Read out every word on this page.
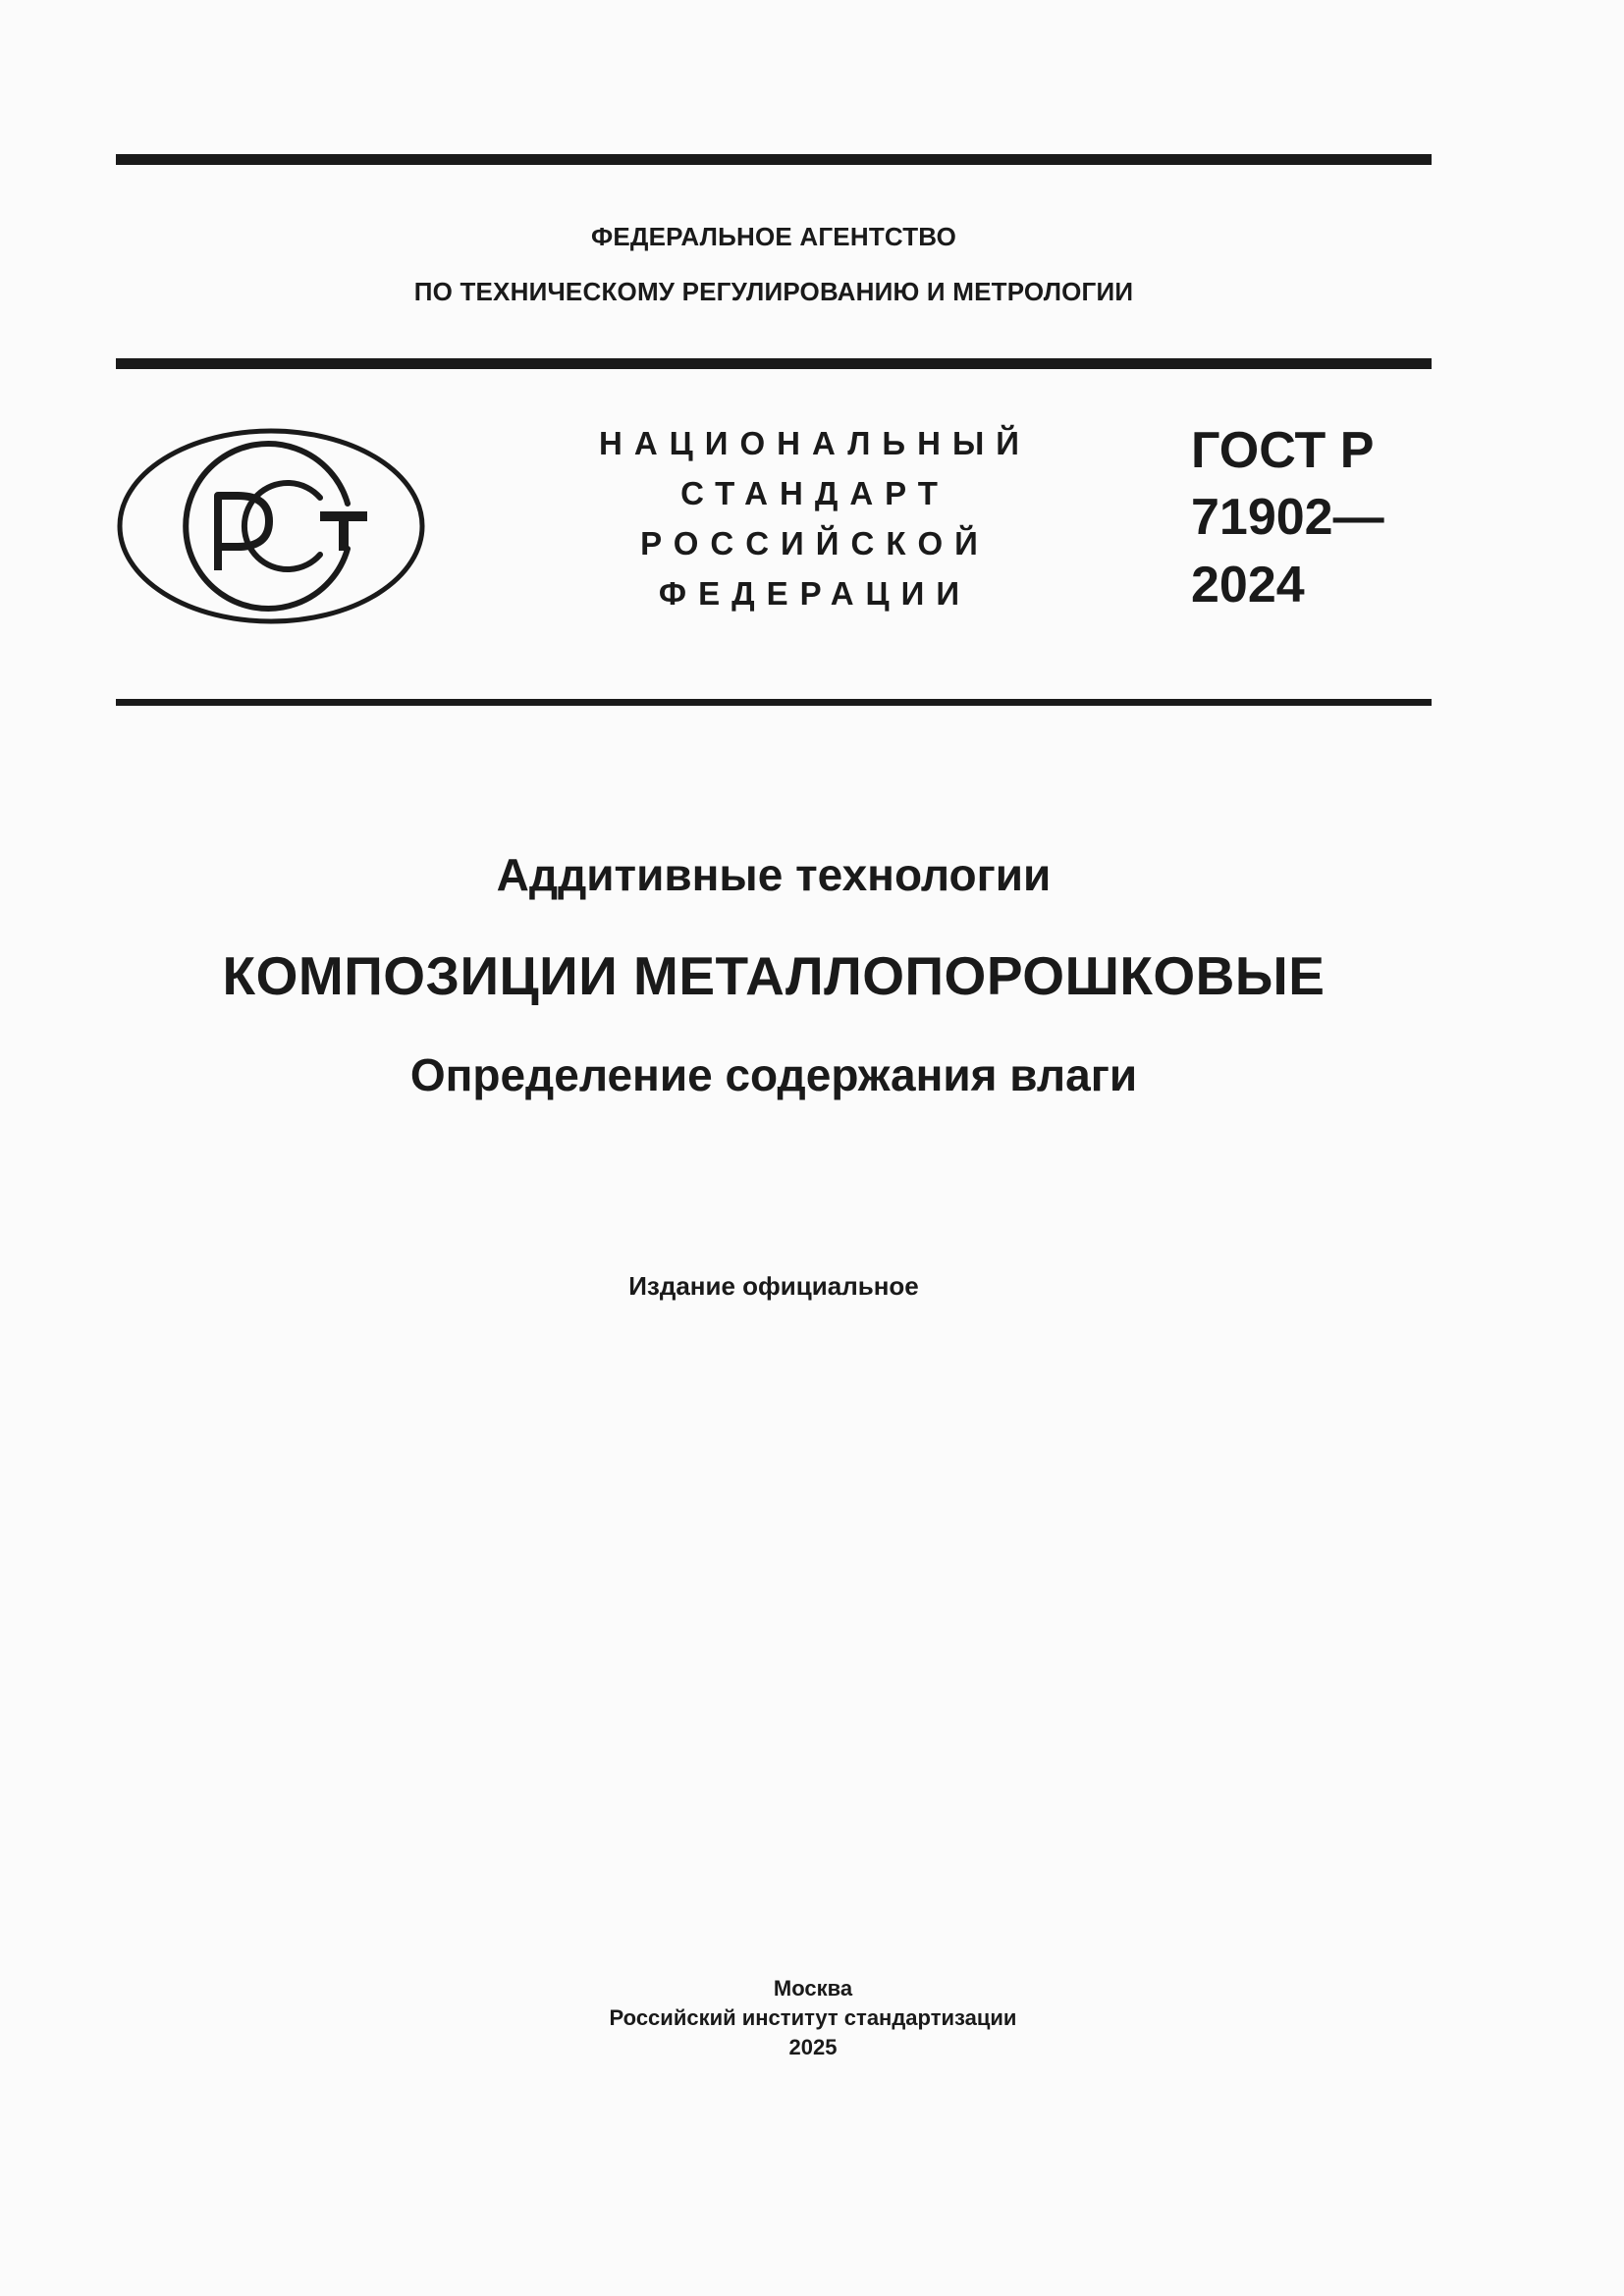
ФЕДЕРАЛЬНОЕ АГЕНТСТВО
ПО ТЕХНИЧЕСКОМУ РЕГУЛИРОВАНИЮ И МЕТРОЛОГИИ
НАЦИОНАЛЬНЫЙ
СТАНДАРТ
РОССИЙСКОЙ
ФЕДЕРАЦИИ
ГОСТ Р
71902—
2024
Аддитивные технологии
КОМПОЗИЦИИ МЕТАЛЛОПОРОШКОВЫЕ
Определение содержания влаги
Издание официальное
Москва
Российский институт стандартизации
2025
